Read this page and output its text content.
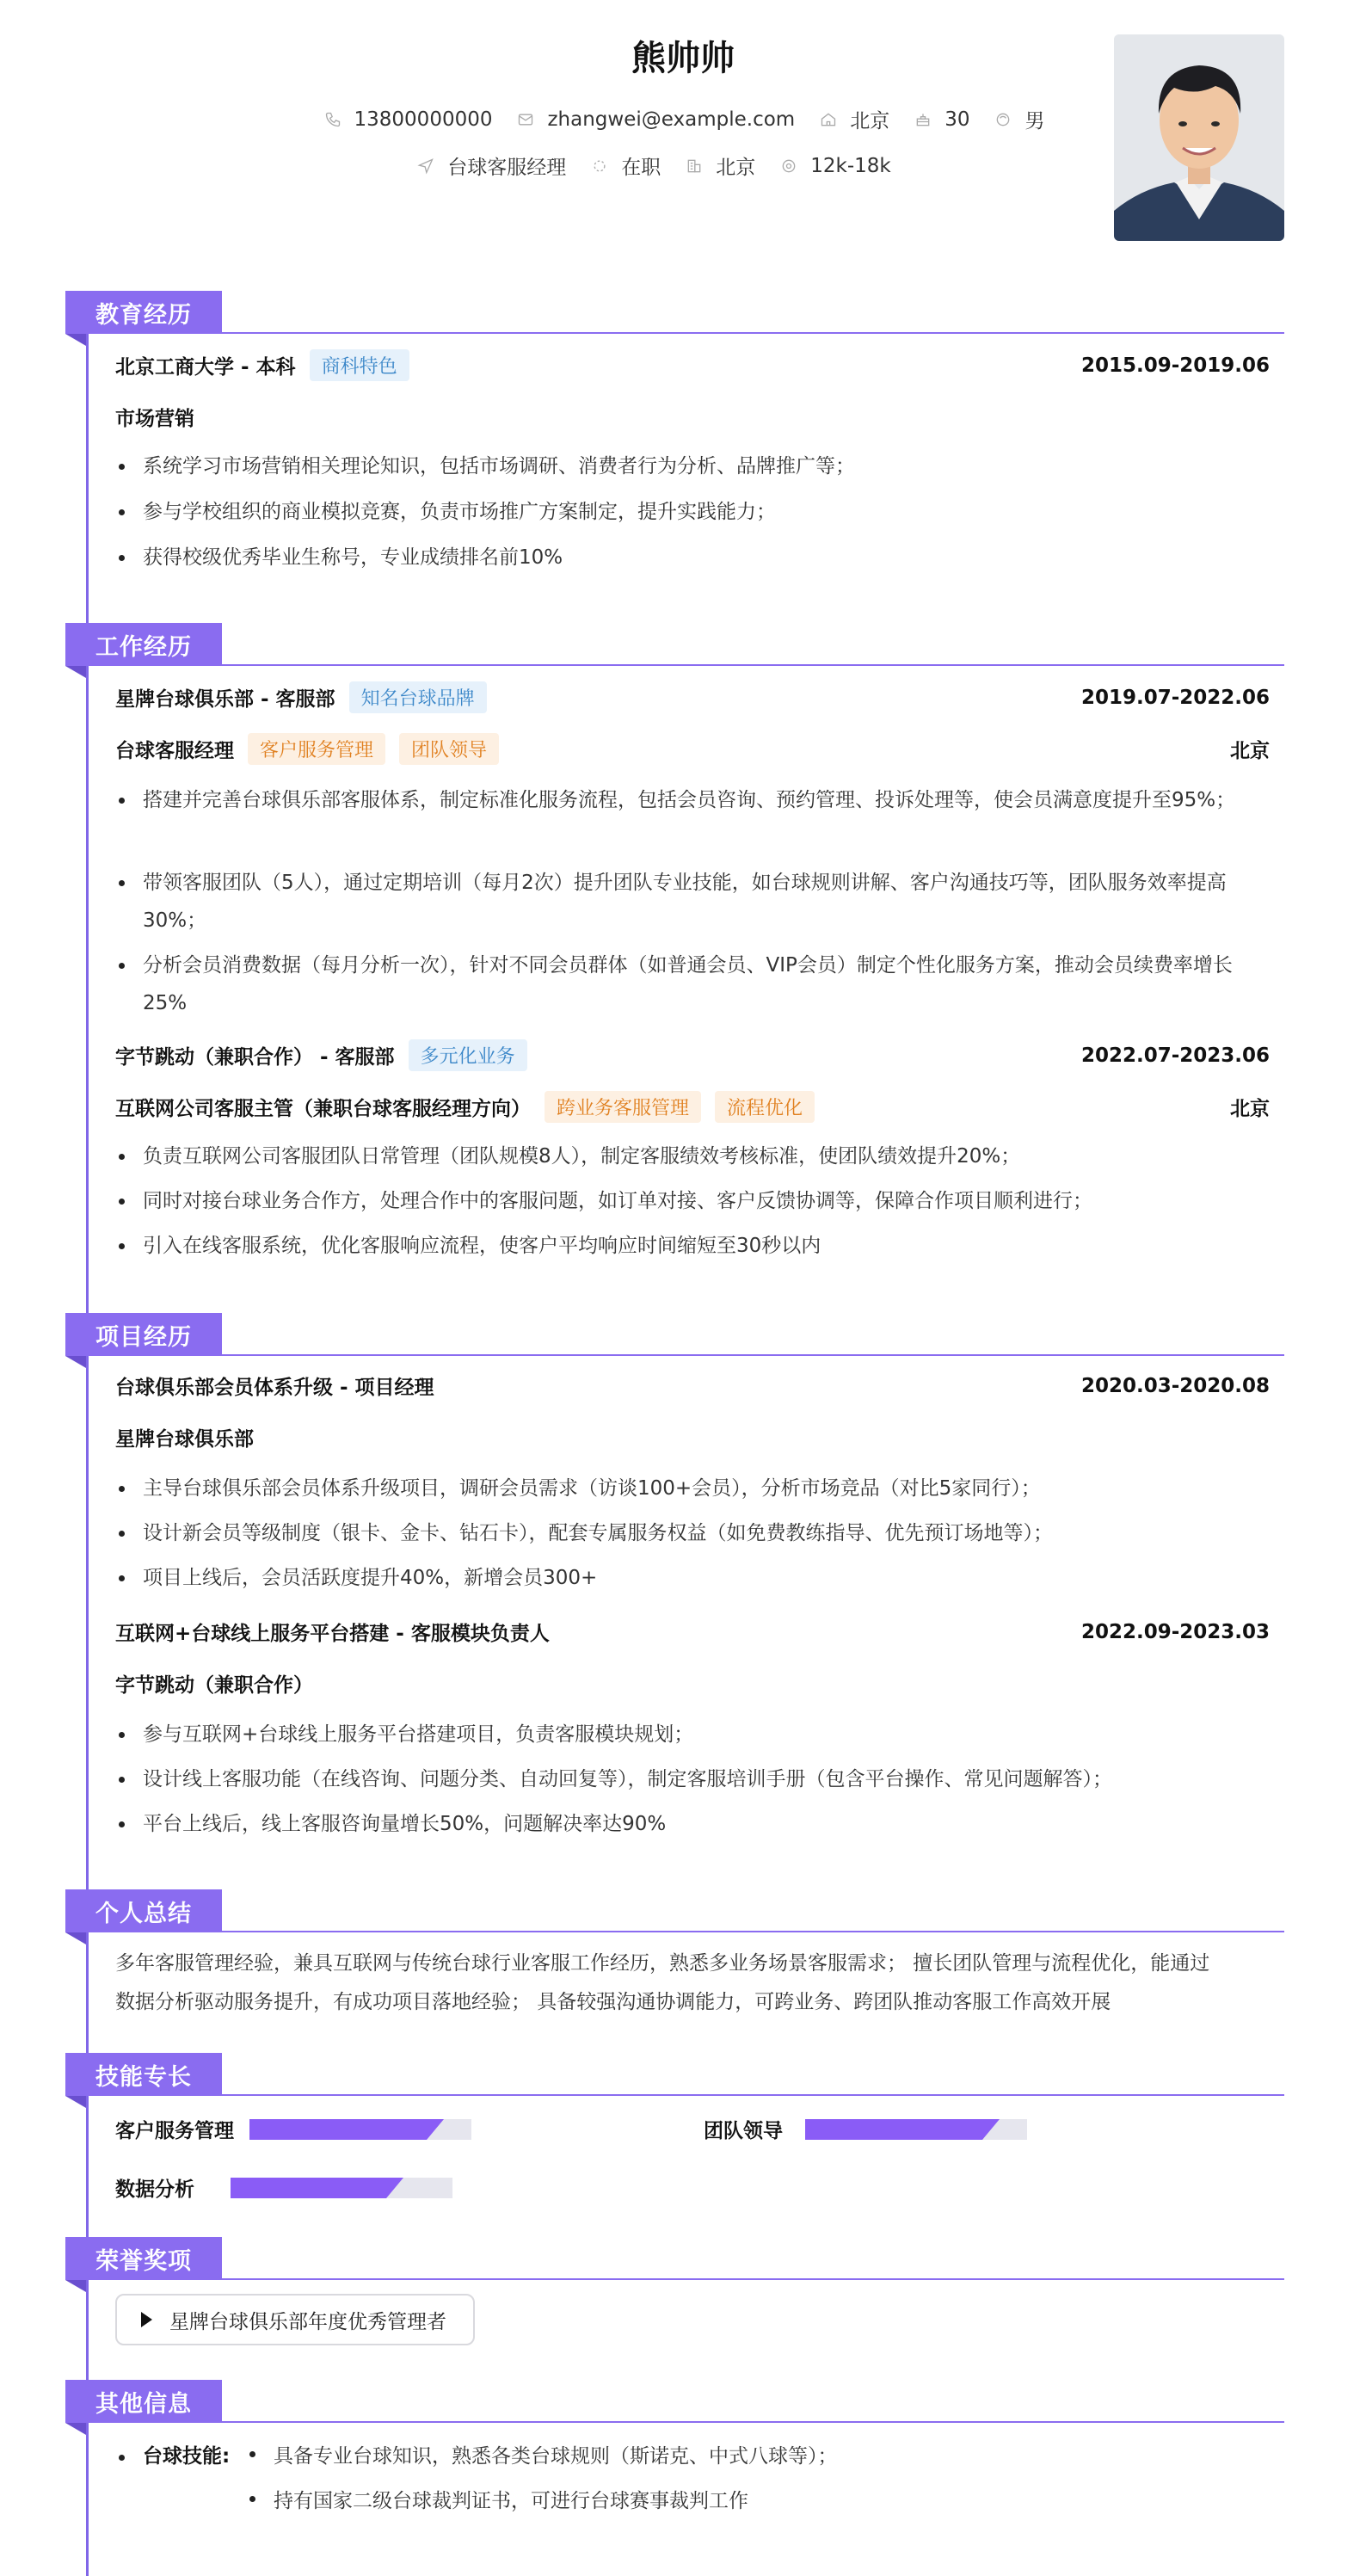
熊帅帅
13800000000	zhangwei@example.com	北京	30	男
台球客服经理	在职	北京	12k-18k
教育经历
北京工商大学 - 本科	商科特色	2015.09-2019.06
市场营销
系统学习市场营销相关理论知识，包括市场调研、消费者行为分析、品牌推广等；
参与学校组织的商业模拟竞赛，负责市场推广方案制定，提升实践能力；
获得校级优秀毕业生称号，专业成绩排名前10%
工作经历
星牌台球俱乐部 - 客服部	知名台球品牌	2019.07-2022.06
台球客服经理	客户服务管理	团队领导	北京
搭建并完善台球俱乐部客服体系，制定标准化服务流程，包括会员咨询、预约管理、投诉处理等，使会员满意度提升至95%；
带领客服团队（5人），通过定期培训（每月2次）提升团队专业技能，如台球规则讲解、客户沟通技巧等，团队服务效率提高30%；
分析会员消费数据（每月分析一次），针对不同会员群体（如普通会员、VIP会员）制定个性化服务方案，推动会员续费率增长25%
字节跳动（兼职合作） - 客服部	多元化业务	2022.07-2023.06
互联网公司客服主管（兼职台球客服经理方向）	跨业务客服管理	流程优化	北京
负责互联网公司客服团队日常管理（团队规模8人），制定客服绩效考核标准，使团队绩效提升20%；
同时对接台球业务合作方，处理合作中的客服问题，如订单对接、客户反馈协调等，保障合作项目顺利进行；
引入在线客服系统，优化客服响应流程，使客户平均响应时间缩短至30秒以内
项目经历
台球俱乐部会员体系升级 - 项目经理	2020.03-2020.08
星牌台球俱乐部
主导台球俱乐部会员体系升级项目，调研会员需求（访谈100+会员），分析市场竞品（对比5家同行）；
设计新会员等级制度（银卡、金卡、钻石卡），配套专属服务权益（如免费教练指导、优先预订场地等）；
项目上线后，会员活跃度提升40%，新增会员300+
互联网+台球线上服务平台搭建 - 客服模块负责人	2022.09-2023.03
字节跳动（兼职合作）
参与互联网+台球线上服务平台搭建项目，负责客服模块规划；
设计线上客服功能（在线咨询、问题分类、自动回复等），制定客服培训手册（包含平台操作、常见问题解答）；
平台上线后，线上客服咨询量增长50%，问题解决率达90%
个人总结
多年客服管理经验，兼具互联网与传统台球行业客服工作经历，熟悉多业务场景客服需求； 擅长团队管理与流程优化，能通过
数据分析驱动服务提升，有成功项目落地经验； 具备较强沟通协调能力，可跨业务、跨团队推动客服工作高效开展
技能专长
客户服务管理	团队领导
数据分析
荣誉奖项
星牌台球俱乐部年度优秀管理者
其他信息
台球技能:	具备专业台球知识，熟悉各类台球规则（斯诺克、中式八球等）；
持有国家二级台球裁判证书，可进行台球赛事裁判工作
